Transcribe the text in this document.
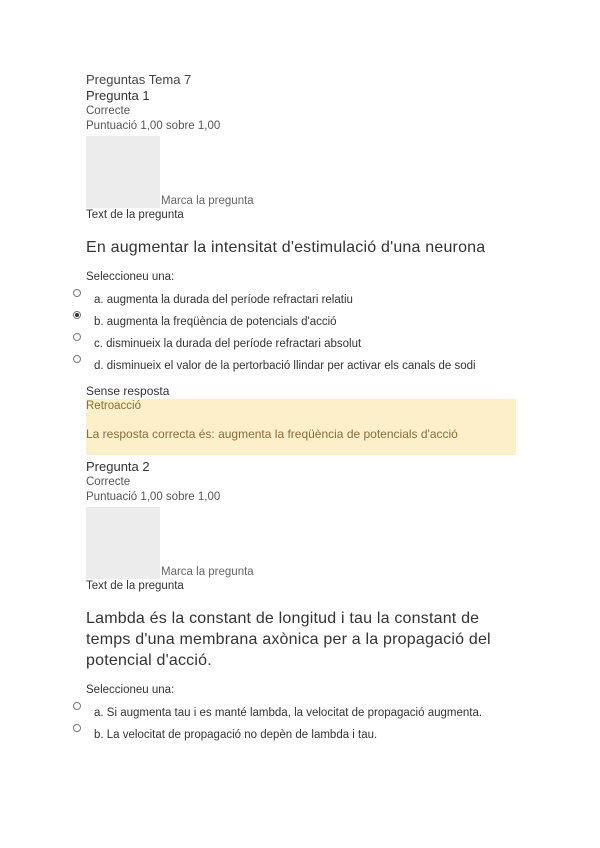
Preguntas Tema 7
Pregunta 1
Correcte
Puntuació 1,00 sobre 1,00
Marca la pregunta
Text de la pregunta
En augmentar la intensitat d'estimulació d'una neurona
Seleccioneu una:
a. augmenta la durada del període refractari relatiu
b. augmenta la freqüència de potencials d'acció
c. disminueix la durada del període refractari absolut
d. disminueix el valor de la pertorbació llindar per activar els canals de sodi
Sense resposta
Retroacció
La resposta correcta és: augmenta la freqüència de potencials d'acció
Pregunta 2
Correcte
Puntuació 1,00 sobre 1,00
Marca la pregunta
Text de la pregunta
Lambda és la constant de longitud i tau la constant de temps d'una membrana axònica per a la propagació del potencial d'acció.
Seleccioneu una:
a. Si augmenta tau i es manté lambda, la velocitat de propagació augmenta.
b. La velocitat de propagació no depèn de lambda i tau.
